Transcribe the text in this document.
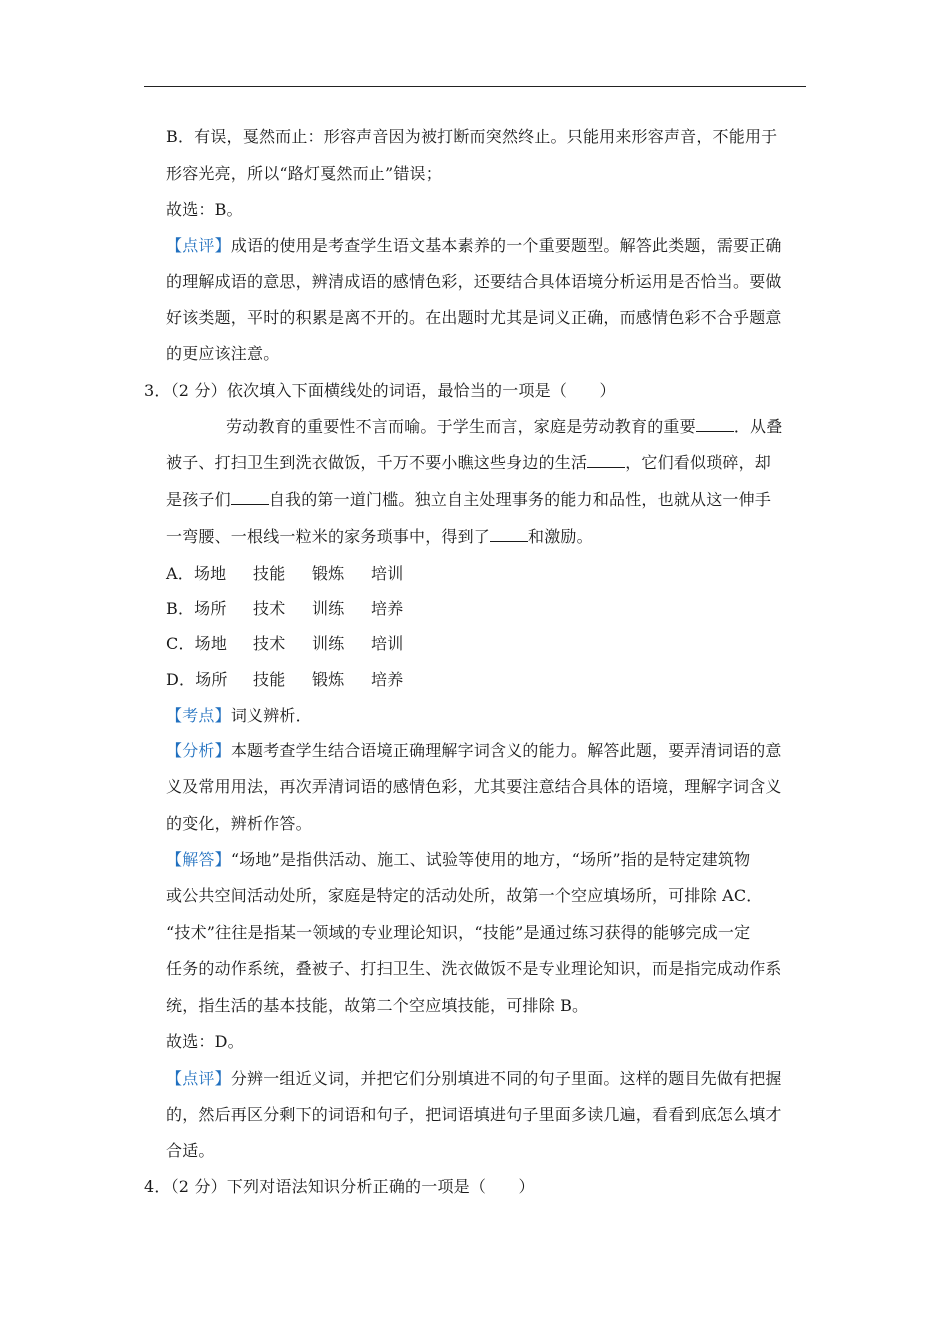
B．有误，戛然而止：形容声音因为被打断而突然终止。只能用来形容声音，不能用于
形容光亮，所以“路灯戛然而止”错误；
故选：B。
【点评】成语的使用是考查学生语文基本素养的一个重要题型。解答此类题，需要正确
的理解成语的意思，辨清成语的感情色彩，还要结合具体语境分析运用是否恰当。要做
好该类题，平时的积累是离不开的。在出题时尤其是词义正确，而感情色彩不合乎题意
的更应该注意。
3．（2 分）依次填入下面横线处的词语，最恰当的一项是（　　）
劳动教育的重要性不言而喻。于学生而言，家庭是劳动教育的重要 ．从叠
被子、打扫卫生到洗衣做饭，千万不要小瞧这些身边的生活 ，它们看似琐碎，却
是孩子们 自我的第一道门槛。独立自主处理事务的能力和品性，也就从这一伸手
一弯腰、一根线一粒米的家务琐事中，得到了 和激励。
A．场地 技能 锻炼 培训
B．场所 技术 训练 培养
C．场地 技术 训练 培训
D．场所 技能 锻炼 培养
【考点】词义辨析．
【分析】本题考查学生结合语境正确理解字词含义的能力。解答此题，要弄清词语的意
义及常用用法，再次弄清词语的感情色彩，尤其要注意结合具体的语境，理解字词含义
的变化，辨析作答。
【解答】“场地”是指供活动、施工、试验等使用的地方，“场所”指的是特定建筑物
或公共空间活动处所，家庭是特定的活动处所，故第一个空应填场所，可排除 AC．
“技术”往往是指某一领域的专业理论知识，“技能”是通过练习获得的能够完成一定
任务的动作系统，叠被子、打扫卫生、洗衣做饭不是专业理论知识，而是指完成动作系
统，指生活的基本技能，故第二个空应填技能，可排除 B。
故选：D。
【点评】分辨一组近义词，并把它们分别填进不同的句子里面。这样的题目先做有把握
的，然后再区分剩下的词语和句子，把词语填进句子里面多读几遍，看看到底怎么填才
合适。
4．（2 分）下列对语法知识分析正确的一项是（　　）
